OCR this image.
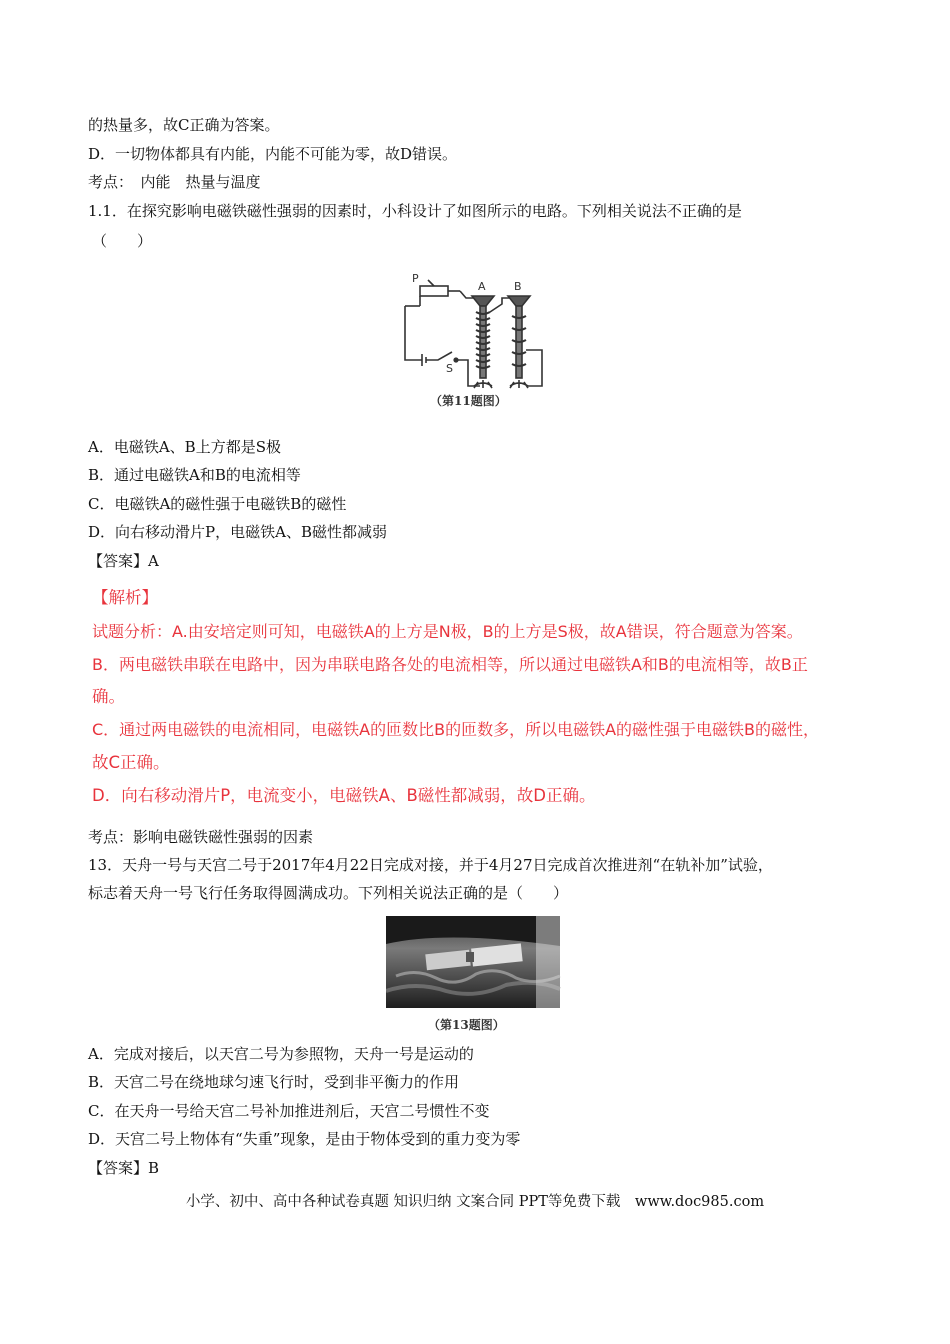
的热量多，故C正确为答案。
D．一切物体都具有内能，内能不可能为零，故D错误。
考点：　内能　热量与温度
1.1．在探究影响电磁铁磁性强弱的因素时，小科设计了如图所示的电路。下列相关说法不正确的是
（　　）
P
A	B
S
（第11题图）
A．电磁铁A、B上方都是S极
B．通过电磁铁A和B的电流相等
C．电磁铁A的磁性强于电磁铁B的磁性
D．向右移动滑片P，电磁铁A、B磁性都减弱
【答案】A
【解析】
试题分析：A.由安培定则可知，电磁铁A的上方是N极，B的上方是S极，故A错误，符合题意为答案。
B．两电磁铁串联在电路中，因为串联电路各处的电流相等，所以通过电磁铁A和B的电流相等，故B正
确。
C．通过两电磁铁的电流相同，电磁铁A的匝数比B的匝数多，所以电磁铁A的磁性强于电磁铁B的磁性，
故C正确。
D．向右移动滑片P，电流变小，电磁铁A、B磁性都减弱，故D正确。
考点：影响电磁铁磁性强弱的因素
13．天舟一号与天宫二号于2017年4月22日完成对接，并于4月27日完成首次推进剂“在轨补加”试验，
标志着天舟一号飞行任务取得圆满成功。下列相关说法正确的是（　　）
（第13题图）
A．完成对接后，以天宫二号为参照物，天舟一号是运动的
B．天宫二号在绕地球匀速飞行时，受到非平衡力的作用
C．在天舟一号给天宫二号补加推进剂后，天宫二号惯性不变
D．天宫二号上物体有“失重”现象，是由于物体受到的重力变为零
【答案】B
小学、初中、高中各种试卷真题 知识归纳 文案合同 PPT等免费下载　www.doc985.com
